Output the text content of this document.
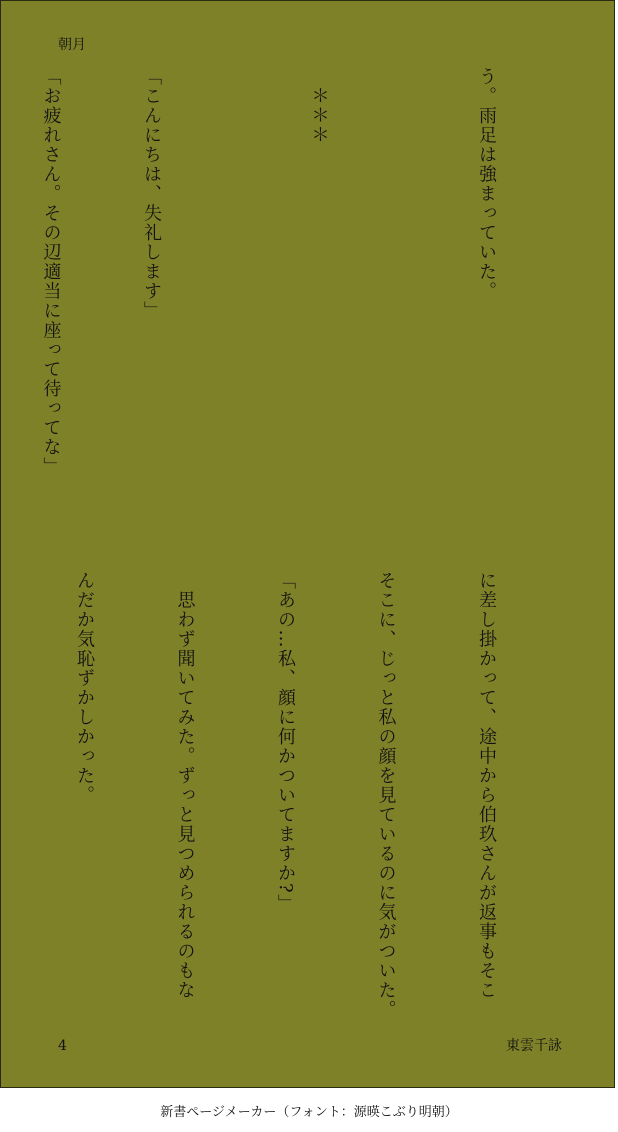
朝月

う。雨足は強まっていた。

　＊＊＊

「こんにちは、失礼します」

「お疲れさん。その辺適当に座って待ってな」

に差し掛かって、途中から伯玖さんが返事もそこ

そこに、じっと私の顔を見ているのに気がついた。

「あの…私、顔に何かついてますか?」

　思わず聞いてみた。ずっと見つめられるのもな

んだか気恥ずかしかった。

4	東雲千詠
新書ページメーカー（フォント：源暎こぶり明朝）
